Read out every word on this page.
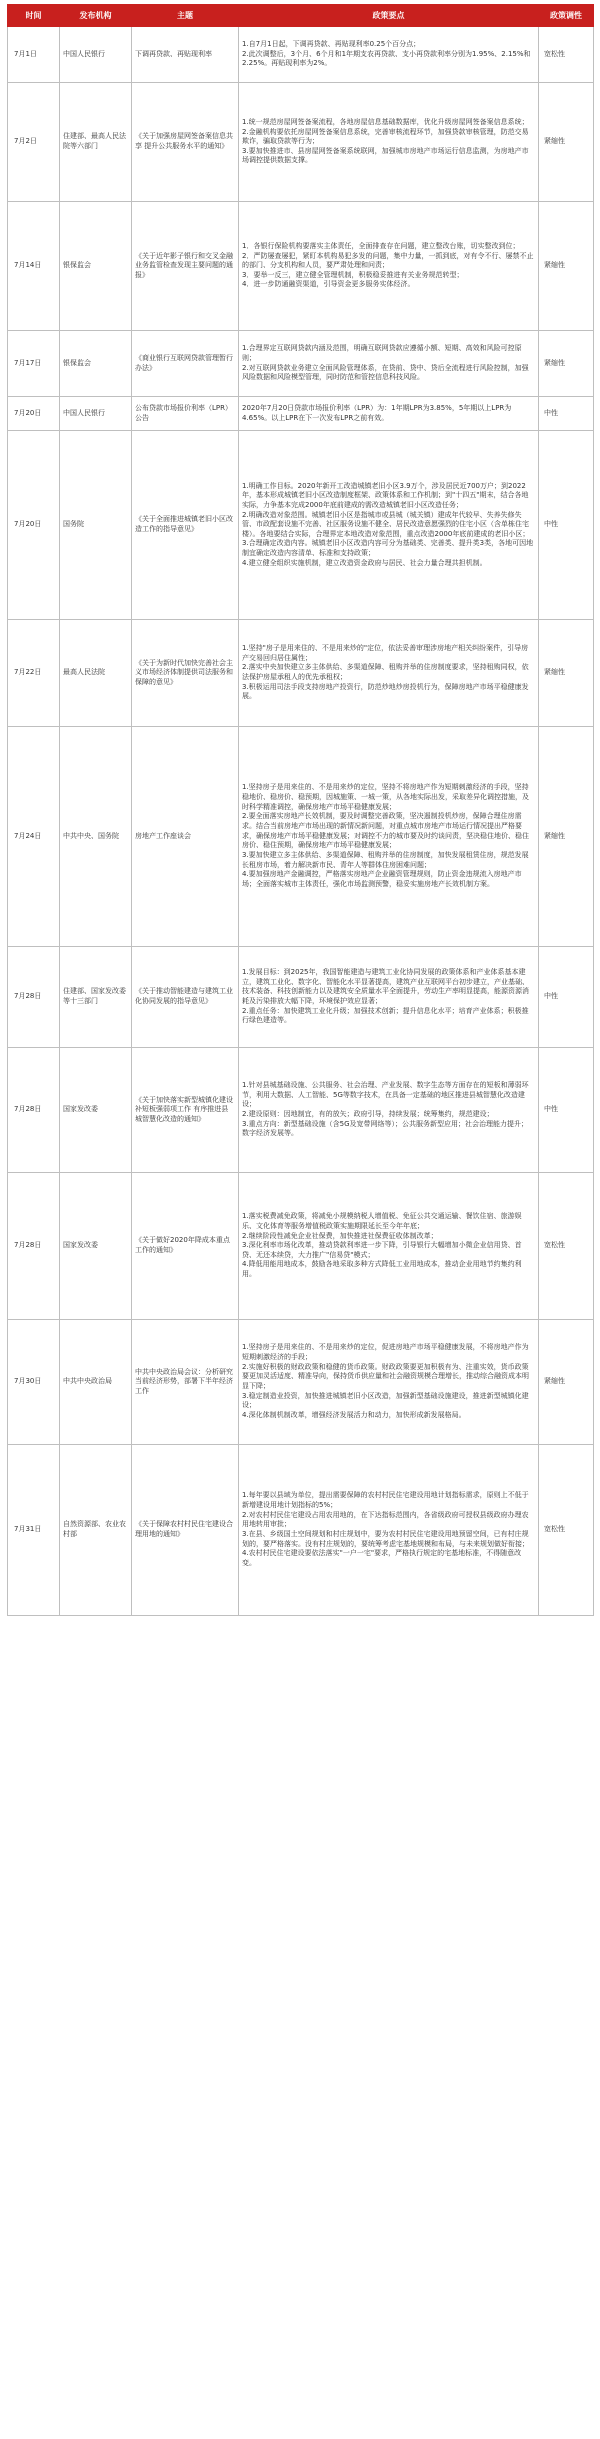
时间	发布机构	主题	政策要点	政策调性
7月1日	中国人民银行	下调再贷款、再贴现利率	1.自7月1日起，下调再贷款、再贴现利率0.25个百分点；
2.此次调整后，3个月、6个月和1年期支农再贷款、支小再贷款利率分别为1.95%、2.15%和2.25%。再贴现利率为2%。	宽松性
7月2日	住建部、最高人民法院等六部门	《关于加强房屋网签备案信息共享 提升公共服务水平的通知》	1.统一规范房屋网签备案流程，各地房屋信息基础数据库，优化升级房屋网签备案信息系统；
2.金融机构要依托房屋网签备案信息系统，完善审核流程环节，加强贷款审核管理，防范交易欺诈，骗取贷款等行为；
3.要加快推进市、县房屋网签备案系统联网，加强城市房地产市场运行信息监测，为房地产市场调控提供数据支撑。	紧缩性
7月14日	银保监会	《关于近年影子银行和交叉金融业务监管检查发现主要问题的通报》	1．各银行保险机构要落实主体责任，全面排查存在问题，建立整改台账，切实整改到位；
2．严防屡查屡犯，紧盯本机构易犯多发的问题，集中力量，一抓到底，对有令不行、屡禁不止的部门、分支机构和人员，要严肃处理和问责；
3．要举一反三，建立健全管理机制，积极稳妥推进有关业务规范转型；
4．进一步防通融资渠道，引导资金更多服务实体经济。	紧缩性
7月17日	银保监会	《商业银行互联网贷款管理暂行办法》	1.合理界定互联网贷款内涵及范围，明确互联网贷款应遵循小额、短期、高效和风险可控原则；
2.对互联网贷款业务建立全面风险管理体系，在贷前、贷中、贷后全流程进行风险控制，加强风险数据和风险模型管理，同时防范和管控信息科技风险。	紧缩性
7月20日	中国人民银行	公布贷款市场报价利率（LPR）公告	2020年7月20日贷款市场报价利率（LPR）为：1年期LPR为3.85%，5年期以上LPR为4.65%。以上LPR在下一次发布LPR之前有效。	中性
7月20日	国务院	《关于全面推进城镇老旧小区改造工作的指导意见》	1.明确工作目标。2020年新开工改造城镇老旧小区3.9万个，涉及居民近700万户；到2022年，基本形成城镇老旧小区改造制度框架、政策体系和工作机制；到"十四五"期末，结合各地实际，力争基本完成2000年底前建成的需改造城镇老旧小区改造任务；
2.明确改造对象范围。城镇老旧小区是指城市或县城（城关镇）建成年代较早、失养失修失管、市政配套设施不完善、社区服务设施不健全、居民改造意愿强烈的住宅小区（含单栋住宅楼）。各地要结合实际，合理界定本地改造对象范围，重点改造2000年底前建成的老旧小区；
3.合理确定改造内容。城镇老旧小区改造内容可分为基础类、完善类、提升类3类，各地可因地制宜确定改造内容清单、标准和支持政策；
4.建立健全组织实施机制，建立改造资金政府与居民、社会力量合理共担机制。	中性
7月22日	最高人民法院	《关于为新时代加快完善社会主义市场经济体制提供司法服务和保障的意见》	1.坚持"房子是用来住的、不是用来炒的"定位，依法妥善审理涉房地产相关纠纷案件，引导房产交易回归居住属性；
2.落实中央加快建立多主体供给、多渠道保障、租购并举的住房制度要求，坚持租购同权，依法保护房屋承租人的优先承租权；
3.积极运用司法手段支持房地产投资行，防范炒地炒房投机行为，保障房地产市场平稳健康发展。	紧缩性
7月24日	中共中央、国务院	房地产工作座谈会	1.坚持房子是用来住的、不是用来炒的定位，坚持不将房地产作为短期刺激经济的手段，坚持稳地价、稳房价、稳预期，因城施策、一城一策，从各地实际出发，采取差异化调控措施，及时科学精准调控，确保房地产市场平稳健康发展；
2.要全面落实房地产长效机制，要及时调整完善政策，坚决遏制投机炒房，保障合理住房需求。结合当前房地产市场出现的新情况新问题，对重点城市房地产市场运行情况提出严格要求，确保房地产市场平稳健康发展；对调控不力的城市要及时约谈问责，坚决稳住地价、稳住房价、稳住预期，确保房地产市场平稳健康发展；
3.要加快建立多主体供给、多渠道保障、租购并举的住房制度，加快发展租赁住房，规范发展长租房市场，着力解决新市民、青年人等群体住房困难问题；
4.要加强房地产金融调控，严格落实房地产企业融资管理规则，防止资金违规流入房地产市场；全面落实城市主体责任，强化市场监测预警，稳妥实施房地产长效机制方案。	紧缩性
7月28日	住建部、国家发改委等十三部门	《关于推动智能建造与建筑工业化协同发展的指导意见》	1.发展目标：到2025年，我国智能建造与建筑工业化协同发展的政策体系和产业体系基本建立，建筑工业化、数字化、智能化水平显著提高，建筑产业互联网平台初步建立，产业基础、技术装备、科技创新能力以及建筑安全质量水平全面提升，劳动生产率明显提高，能源资源消耗及污染排放大幅下降，环境保护效应显著；
2.重点任务：加快建筑工业化升级；加强技术创新；提升信息化水平；培育产业体系；积极推行绿色建造等。	中性
7月28日	国家发改委	《关于加快落实新型城镇化建设补短板强弱项工作 有序推进县城智慧化改造的通知》	1.针对县城基础设施、公共服务、社会治理、产业发展、数字生态等方面存在的短板和薄弱环节，利用大数据、人工智能、5G等数字技术，在具备一定基础的地区推进县城智慧化改造建设；
2.建设原则：因地制宜，有的放矢；政府引导，持续发展；统筹集约，规范建设；
3.重点方向：新型基础设施（含5G及宽带网络等）；公共服务新型应用；社会治理能力提升；数字经济发展等。	中性
7月28日	国家发改委	《关于做好2020年降成本重点工作的通知》	1.落实税费减免政策，将减免小规模纳税人增值税、免征公共交通运输、餐饮住宿、旅游娱乐、文化体育等服务增值税政策实施期限延长至今年年底；
2.继续阶段性减免企业社保费，加快推进社保费征收体制改革；
3.深化利率市场化改革，推动贷款利率进一步下降，引导银行大幅增加小微企业信用贷、首贷、无还本续贷，大力推广"信易贷"模式；
4.降低用能用地成本，鼓励各地采取多种方式降低工业用地成本，推动企业用地节约集约利用。	宽松性
7月30日	中共中央政治局	中共中央政治局会议：分析研究当前经济形势，部署下半年经济工作	1.坚持房子是用来住的、不是用来炒的定位，促进房地产市场平稳健康发展，不将房地产作为短期刺激经济的手段；
2.实施好积极的财政政策和稳健的货币政策。财政政策要更加积极有为、注重实效，货币政策要更加灵活适度、精准导向，保持货币供应量和社会融资规模合理增长，推动综合融资成本明显下降；
3.稳定制造业投资，加快推进城镇老旧小区改造，加强新型基础设施建设，推进新型城镇化建设；
4.深化体制机制改革，增强经济发展活力和动力，加快形成新发展格局。	紧缩性
7月31日	自然资源部、农业农村部	《关于保障农村村民住宅建设合理用地的通知》	1.每年要以县域为单位，提出需要保障的农村村民住宅建设用地计划指标需求，原则上不低于新增建设用地计划指标的5%；
2.对农村村民住宅建设占用农用地的，在下达指标范围内，各省级政府可授权县级政府办理农用地转用审批；
3.在县、乡级国土空间规划和村庄规划中，要为农村村民住宅建设用地预留空间，已有村庄规划的，要严格落实。没有村庄规划的，要统筹考虑宅基地规模和布局，与未来规划做好衔接；
4.农村村民住宅建设要依法落实"一户一宅"要求，严格执行规定的宅基地标准，不得随意改变。	宽松性
